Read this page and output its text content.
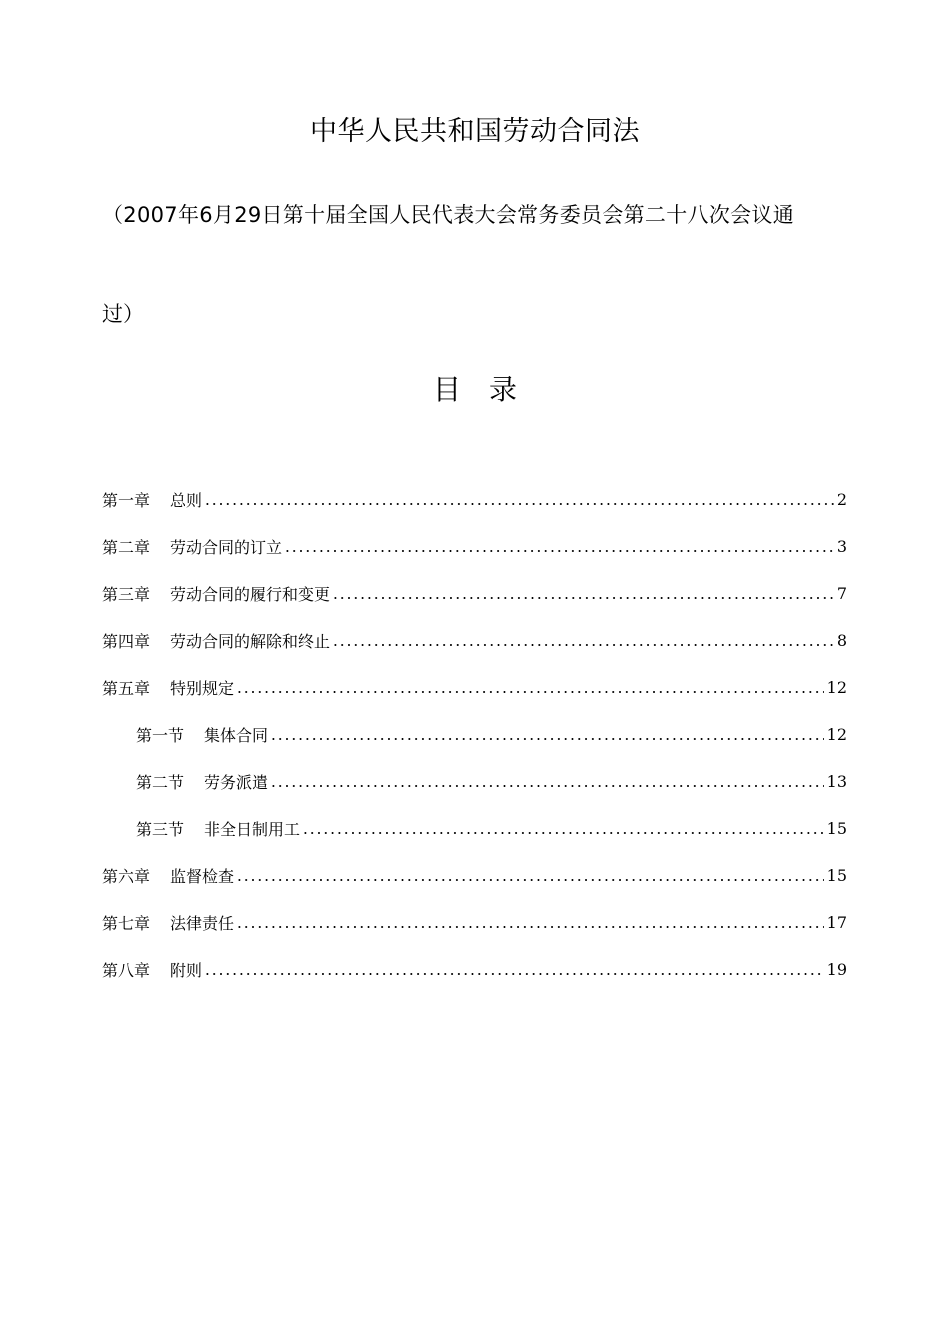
中华人民共和国劳动合同法
（2007年6月29日第十届全国人民代表大会常务委员会第二十八次会议通
过）
目　录
第一章 总则	2
第二章 劳动合同的订立	3
第三章 劳动合同的履行和变更	7
第四章 劳动合同的解除和终止	8
第五章 特别规定	12
第一节 集体合同	12
第二节 劳务派遣	13
第三节 非全日制用工	15
第六章 监督检查	15
第七章 法律责任	17
第八章 附则	19
